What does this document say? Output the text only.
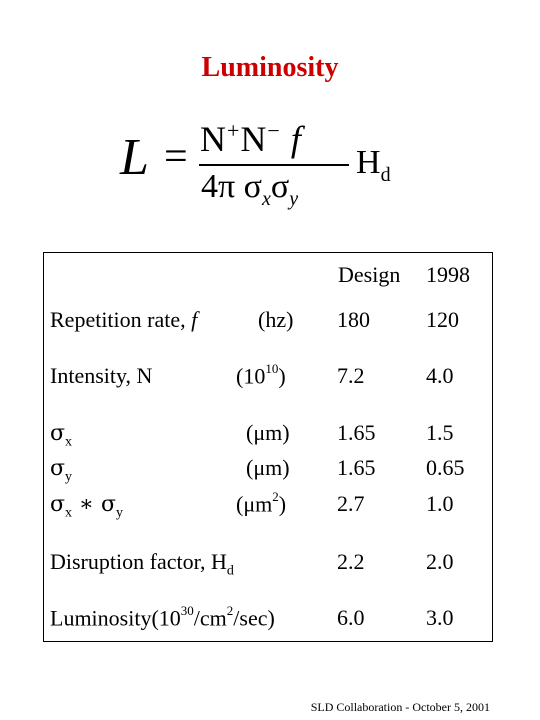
Luminosity
L = N+N− f
4π $\sigma_x\sigma_y$
$H_d$
Design 1998
Repetition rate, f	(hz) 180	120
Intensity, N	$(10^{10})$ 7.2	4.0
$\sigma_x$	(μm) 1.65 1.5
$\sigma_y$	(μm) 1.65 0.65
$\sigma_x$ ∗ $\sigma_y$	$(\mu m^2)$ 2.7	1.0
Disruption factor, $H_d$	2.2	2.0
$Luminosity(10^{30}/cm^2/\sec)$	6.0	3.0
SLD Collaboration - October 5, 2001
